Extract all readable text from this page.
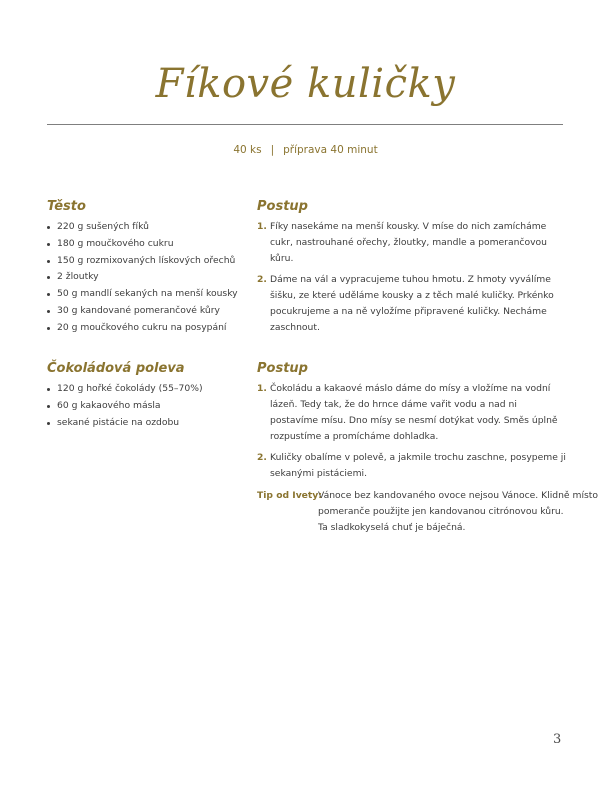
Fíkové kuličky
40 ks | příprava 40 minut
Těsto
220 g sušených fíků
180 g moučkového cukru
150 g rozmixovaných lískových ořechů
2 žloutky
50 g mandlí sekaných na menší kousky
30 g kandované pomerančové kůry
20 g moučkového cukru na posypání
Postup
1. Fíky nasekáme na menší kousky. V míse do nich zamícháme cukr, nastrouhané ořechy, žloutky, mandle a pomerančovou kůru.
2. Dáme na vál a vypracujeme tuhou hmotu. Z hmoty vyválíme šišku, ze které uděláme kousky a z těch malé kuličky. Prkénko pocukrujeme a na ně vyložíme připravené kuličky. Necháme zaschnout.
Čokoládová poleva
120 g hořké čokolády (55–70%)
60 g kakaového másla
sekané pistácie na ozdobu
Postup
1. Čokoládu a kakaové máslo dáme do mísy a vložíme na vodní lázeň. Tedy tak, že do hrnce dáme vařit vodu a nad ni postavíme mísu. Dno mísy se nesmí dotýkat vody. Směs úplně rozpustíme a promícháme dohladka.
2. Kuličky obalíme v polevě, a jakmile trochu zaschne, posypeme ji sekanými pistáciemi.
Tip od Ivety:
Vánoce bez kandovaného ovoce nejsou Vánoce. Klidně místo
pomeranče použijte jen kandovanou citrónovou kůru.
Ta sladkokyselá chuť je báječná.
3
